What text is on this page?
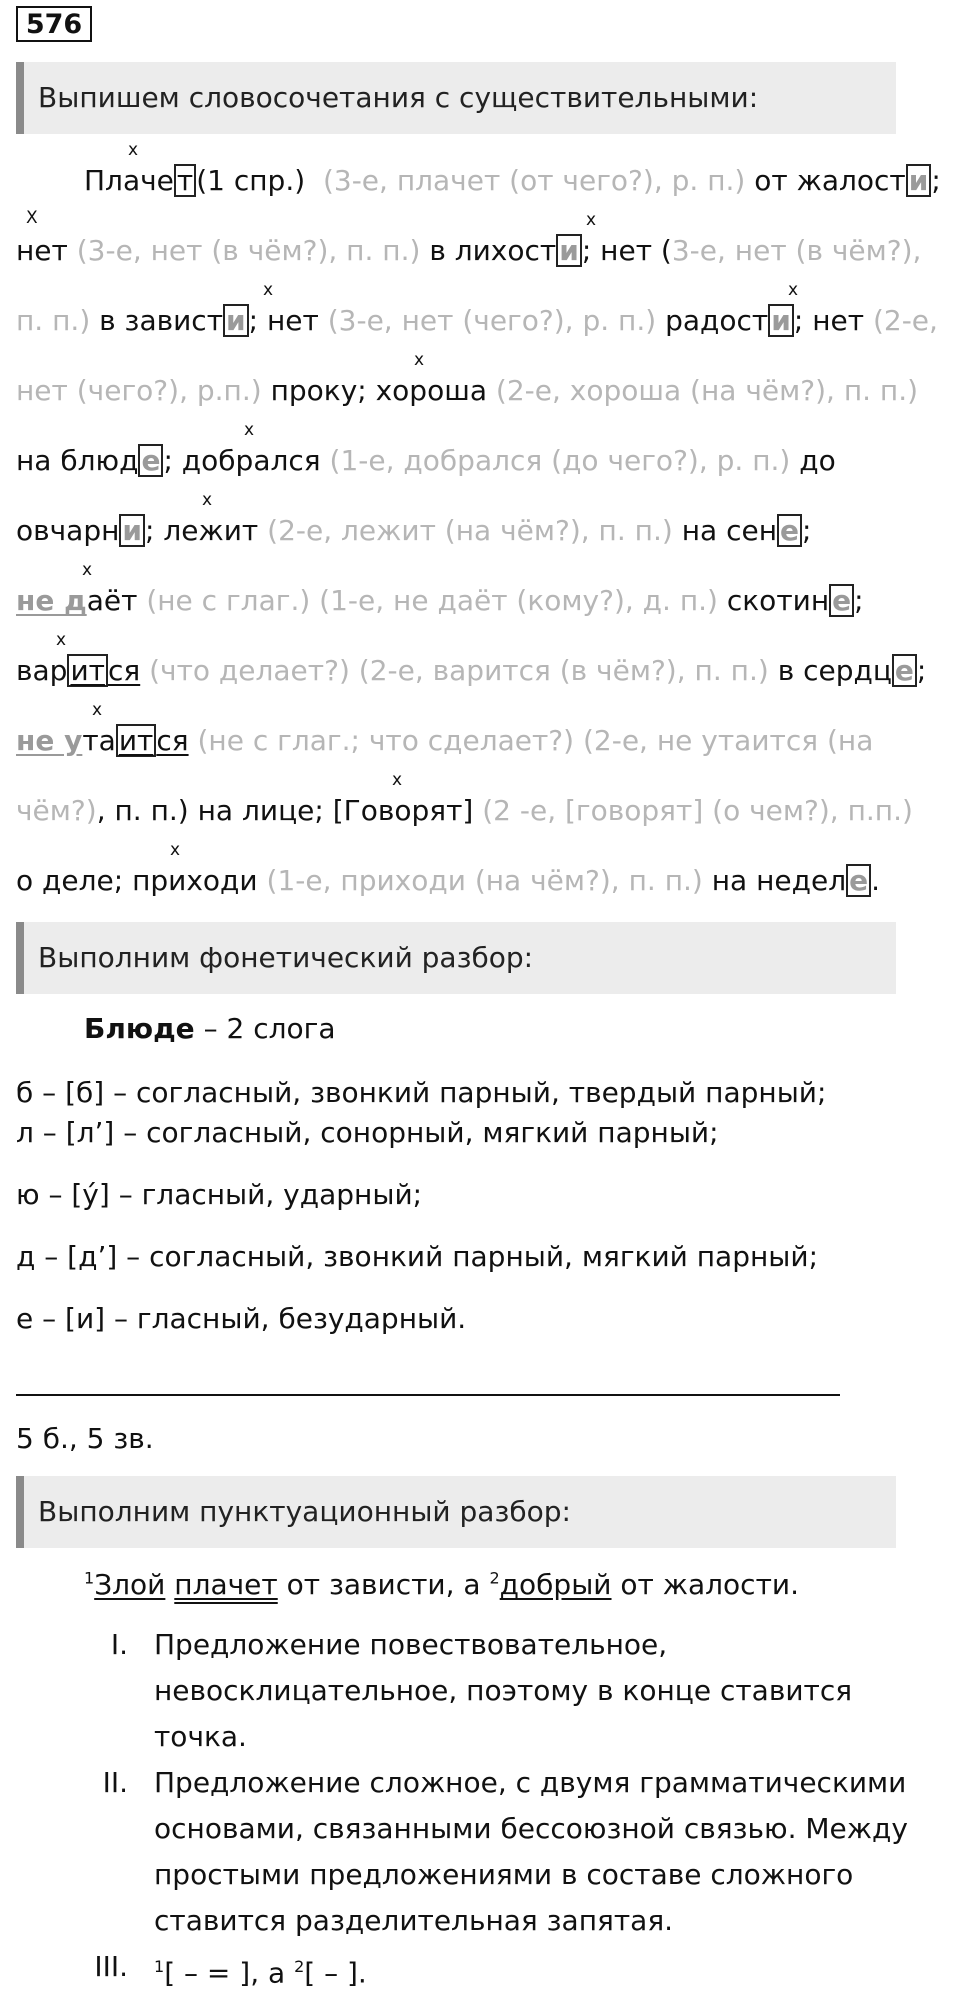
576
Выпишем словосочетания с существительными:
x
X	x
x	x
x
x
x
x
x
x
x
x
Плаче т (1 спр.) (3-е, плачет (от чего?), р. п.) от жалост и ;
нет (3-е, нет (в чём?), п. п.) в лихост и ; нет (3-е, нет (в чём?),
п. п.) в завист и ; нет (3-е, нет (чего?), р. п.) радост и ; нет (2-е,
нет (чего?), р.п.) проку; хороша (2-е, хороша (на чём?), п. п.)
на блюд е ; добрался (1-е, добрался (до чего?), р. п.) до
овчарн и ; лежит (2-е, лежит (на чём?), п. п.) на сен е ;
не даёт (не с глаг.) (1-е, не даёт (кому?), д. п.) скотин е ;
вар ит ся (что делает?) (2-е, варится (в чём?), п. п.) в сердц е ;
не ута ит ся (не с глаг.; что сделает?) (2-е, не утаится (на
чём?), п. п.) на лице; [Говорят] (2 -е, [говорят] (о чем?), п.п.)
о деле; приходи (1-е, приходи (на чём?), п. п.) на недел е .
Выполним фонетический разбор:
Блюде – 2 слога
б – [б] – согласный, звонкий парный, твердый парный;
л – [л’] – согласный, сонорный, мягкий парный;
ю – [ý] – гласный, ударный;
д – [д’] – согласный, звонкий парный, мягкий парный;
е – [и] – гласный, безударный.
5 б., 5 зв.
Выполним пунктуационный разбор:
$^1$Злой плачет от зависти, а $^2$добрый от жалости.
I. Предложение повествовательное, невосклицательное, поэтому в конце ставится точка.
II. Предложение сложное, с двумя грамматическими основами, связанными бессоюзной связью. Между простыми предложениями в составе сложного ставится разделительная запятая.
III. $^1$[ – = ], а $^2$[ – ].
